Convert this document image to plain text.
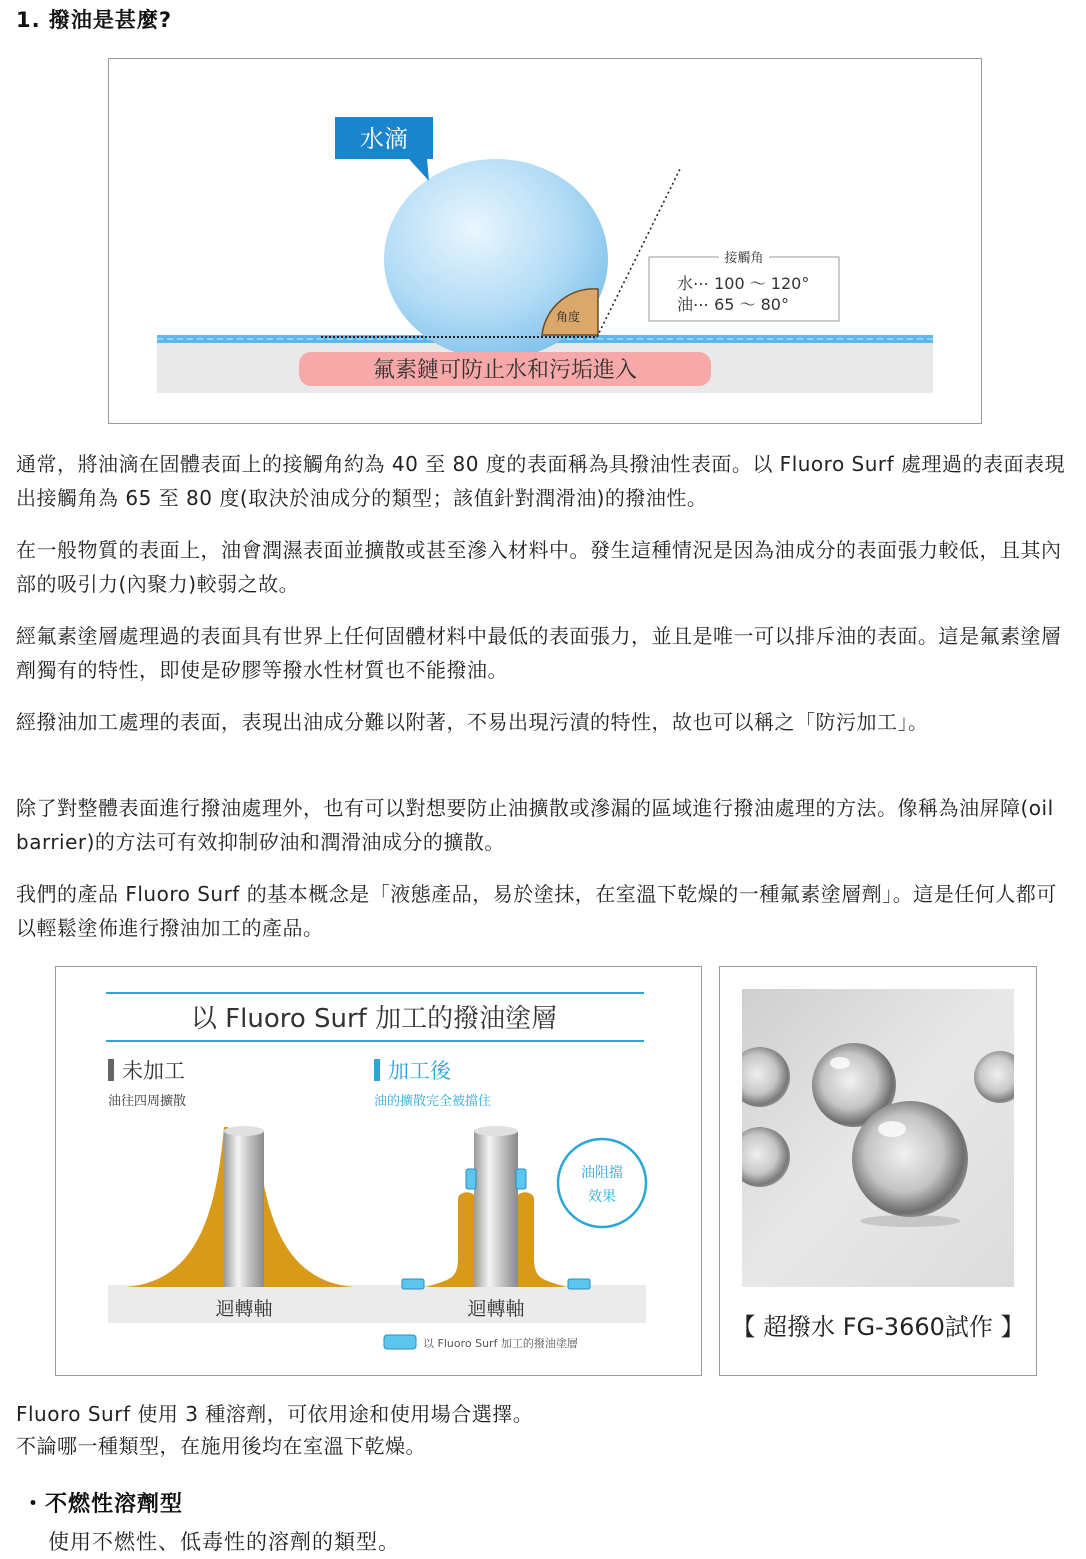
1. 撥油是甚麼?
角度
水滴
接觸角
水⋯ 100 ～ 120°
油⋯ 65 ～ 80°
氟素鏈可防止水和污垢進入
通常，將油滴在固體表面上的接觸角約為 40 至 80 度的表面稱為具撥油性表面。以 Fluoro Surf 處理過的表面表現出接觸角為 65 至 80 度(取決於油成分的類型；該值針對潤滑油)的撥油性。
在一般物質的表面上，油會潤濕表面並擴散或甚至滲入材料中。發生這種情況是因為油成分的表面張力較低，且其內部的吸引力(內聚力)較弱之故。
經氟素塗層處理過的表面具有世界上任何固體材料中最低的表面張力，並且是唯一可以排斥油的表面。這是氟素塗層劑獨有的特性，即使是矽膠等撥水性材質也不能撥油。
經撥油加工處理的表面，表現出油成分難以附著，不易出現污漬的特性，故也可以稱之「防污加工」。
除了對整體表面進行撥油處理外，也有可以對想要防止油擴散或滲漏的區域進行撥油處理的方法。像稱為油屏障(oil barrier)的方法可有效抑制矽油和潤滑油成分的擴散。
我們的產品 Fluoro Surf 的基本概念是「液態產品，易於塗抹，在室溫下乾燥的一種氟素塗層劑」。這是任何人都可以輕鬆塗佈進行撥油加工的產品。
以 Fluoro Surf 加工的撥油塗層
未加工
油往四周擴散
加工後
油的擴散完全被擋住
迴轉軸	迴轉軸
油阻擋
效果
以 Fluoro Surf 加工的撥油塗層
【 超撥水 FG-3660試作 】
Fluoro Surf 使用 3 種溶劑，可依用途和使用場合選擇。
不論哪一種類型，在施用後均在室溫下乾燥。
・不燃性溶劑型
使用不燃性、低毒性的溶劑的類型。
